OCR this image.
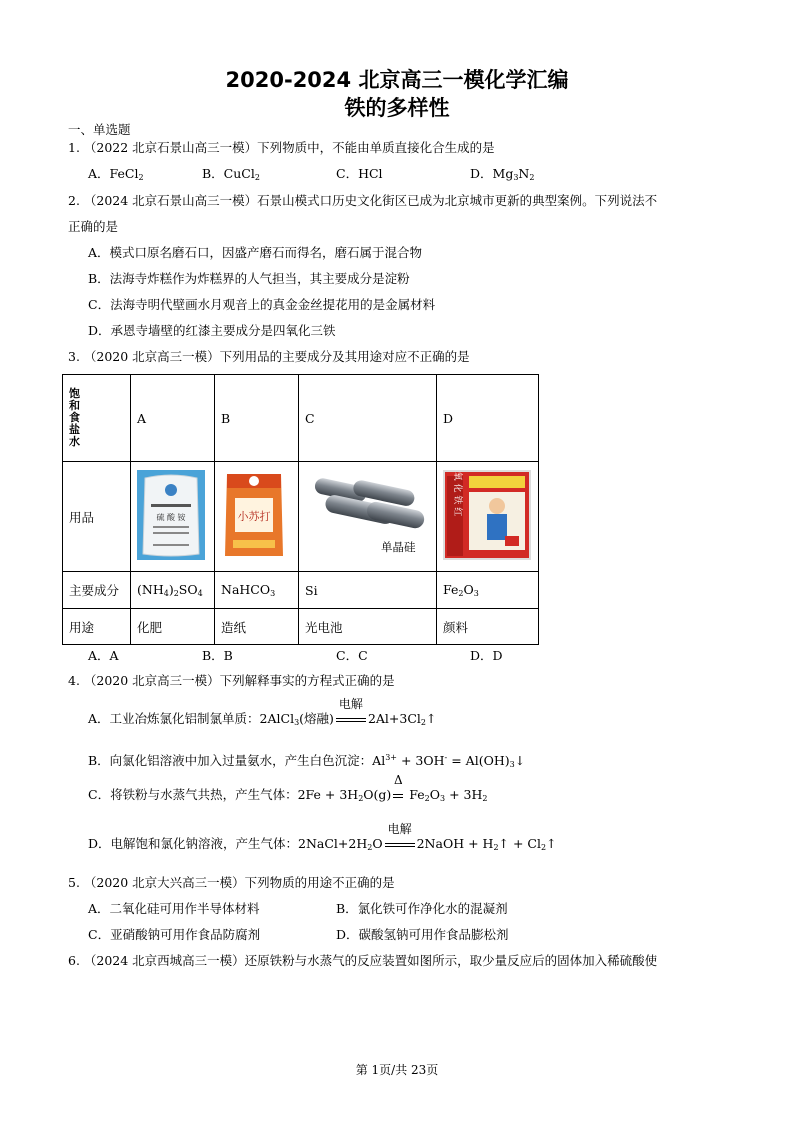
2020-2024 北京高三一模化学汇编
铁的多样性
一、单选题
1. （2022 北京石景山高三一模）下列物质中，不能由单质直接化合生成的是
A．FeCl$_2$	B．CuCl$_2$	C．HCl	D．$Mg_3N_2$
2. （2024 北京石景山高三一模）石景山模式口历史文化街区已成为北京城市更新的典型案例。下列说法不
正确的是
A．模式口原名磨石口，因盛产磨石而得名，磨石属于混合物
B．法海寺炸糕作为炸糕界的人气担当，其主要成分是淀粉
C．法海寺明代壁画水月观音上的真金金丝提花用的是金属材料
D．承恩寺墙壁的红漆主要成分是四氧化三铁
3. （2020 北京高三一模）下列用品的主要成分及其用途对应不正确的是
饱和食盐水	A	B	C	D
用品	硫 酸 铵	小苏打		纯 氧 化 铁 红

主要成分	$(NH_4)_2SO_4$	NaHCO$_3$	Si	$Fe_2O_3$
用途	化肥	造纸	光电池	颜料
A．A	B．B	C．C	D．D
4. （2020 北京高三一模）下列解释事实的方程式正确的是
A．工业冶炼氯化铝制氯单质：2AlCl$_3$(熔融)
电解
$2Al+3Cl_2↑$
B．向氯化铝溶液中加入过量氨水，产生白色沉淀：$Al^{3+} + 3OH^-$ = $Al(OH)_3↓$
C．将铁粉与水蒸气共热，产生气体：$2Fe + 3H_2O(g)$
Δ
$Fe_2O_3 + 3H_2$
D．电解饱和氯化钠溶液，产生气体：$2NaCl+2H_2O$
电解
2NaOH + $H_2↑$ + $Cl_2↑$
5. （2020 北京大兴高三一模）下列物质的用途不正确的是
A．二氧化硅可用作半导体材料	B．氯化铁可作净化水的混凝剂
C．亚硝酸钠可用作食品防腐剂	D．碳酸氢钠可用作食品膨松剂
6. （2024 北京西城高三一模）还原铁粉与水蒸气的反应装置如图所示，取少量反应后的固体加入稀硫酸使
第 1页/共 23页
